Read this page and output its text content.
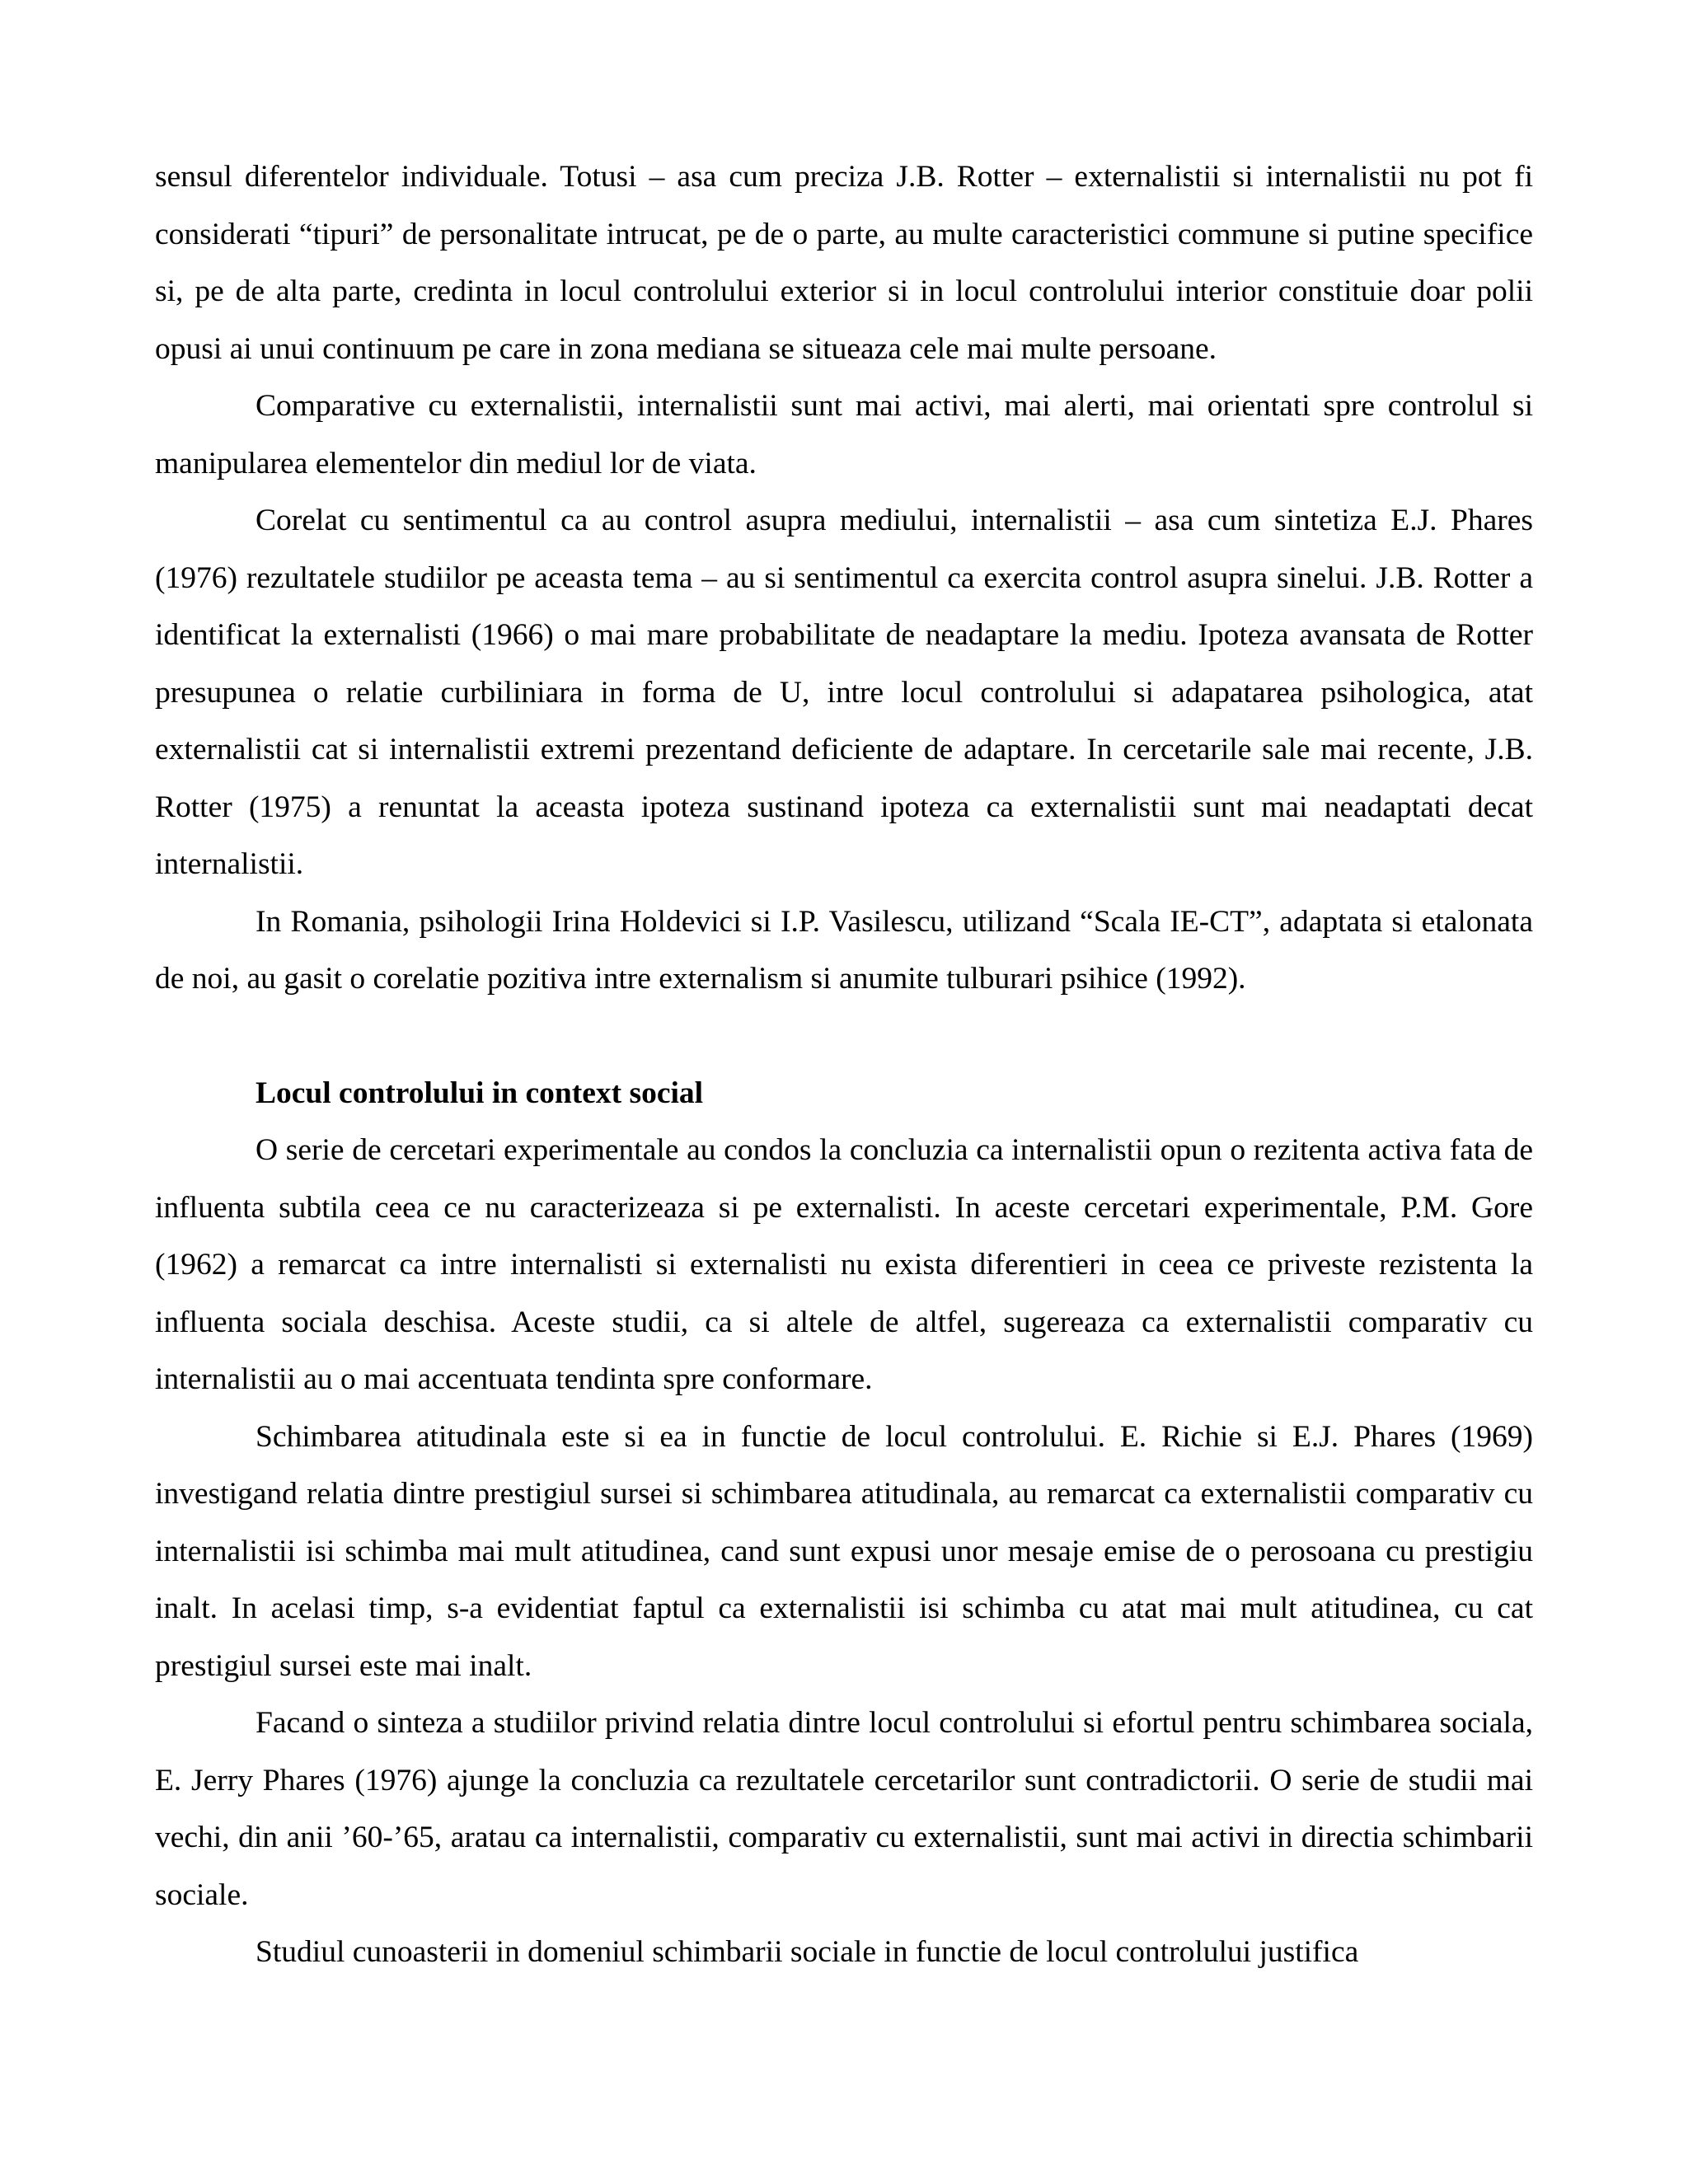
sensul diferentelor individuale. Totusi – asa cum preciza J.B. Rotter – externalistii si internalistii nu pot fi considerati “tipuri” de personalitate intrucat, pe de o parte, au multe caracteristici commune si putine specifice si, pe de alta parte, credinta in locul controlului exterior si in locul controlului interior constituie doar polii opusi ai unui continuum pe care in zona mediana se situeaza cele mai multe persoane.

Comparative cu externalistii, internalistii sunt mai activi, mai alerti, mai orientati spre controlul si manipularea elementelor din mediul lor de viata.

Corelat cu sentimentul ca au control asupra mediului, internalistii – asa cum sintetiza E.J. Phares (1976) rezultatele studiilor pe aceasta tema – au si sentimentul ca exercita control asupra sinelui. J.B. Rotter a identificat la externalisti (1966) o mai mare probabilitate de neadaptare la mediu. Ipoteza avansata de Rotter presupunea o relatie curbiliniara in forma de U, intre locul controlului si adapatarea psihologica, atat externalistii cat si internalistii extremi prezentand deficiente de adaptare. In cercetarile sale mai recente, J.B. Rotter (1975) a renuntat la aceasta ipoteza sustinand ipoteza ca externalistii sunt mai neadaptati decat internalistii.

In Romania, psihologii Irina Holdevici si I.P. Vasilescu, utilizand “Scala IE-CT”, adaptata si etalonata de noi, au gasit o corelatie pozitiva intre externalism si anumite tulburari psihice (1992).

Locul controlului in context social

O serie de cercetari experimentale au condos la concluzia ca internalistii opun o rezitenta activa fata de influenta subtila ceea ce nu caracterizeaza si pe externalisti. In aceste cercetari experimentale, P.M. Gore (1962) a remarcat ca intre internalisti si externalisti nu exista diferentieri in ceea ce priveste rezistenta la influenta sociala deschisa. Aceste studii, ca si altele de altfel, sugereaza ca externalistii comparativ cu internalistii au o mai accentuata tendinta spre conformare.

Schimbarea atitudinala este si ea in functie de locul controlului. E. Richie si E.J. Phares (1969) investigand relatia dintre prestigiul sursei si schimbarea atitudinala, au remarcat ca externalistii comparativ cu internalistii isi schimba mai mult atitudinea, cand sunt expusi unor mesaje emise de o perosoana cu prestigiu inalt. In acelasi timp, s-a evidentiat faptul ca externalistii isi schimba cu atat mai mult atitudinea, cu cat prestigiul sursei este mai inalt.

Facand o sinteza a studiilor privind relatia dintre locul controlului si efortul pentru schimbarea sociala, E. Jerry Phares (1976) ajunge la concluzia ca rezultatele cercetarilor sunt contradictorii. O serie de studii mai vechi, din anii ’60-’65, aratau ca internalistii, comparativ cu externalistii, sunt mai activi in directia schimbarii sociale.

Studiul cunoasterii in domeniul schimbarii sociale in functie de locul controlului justifica
